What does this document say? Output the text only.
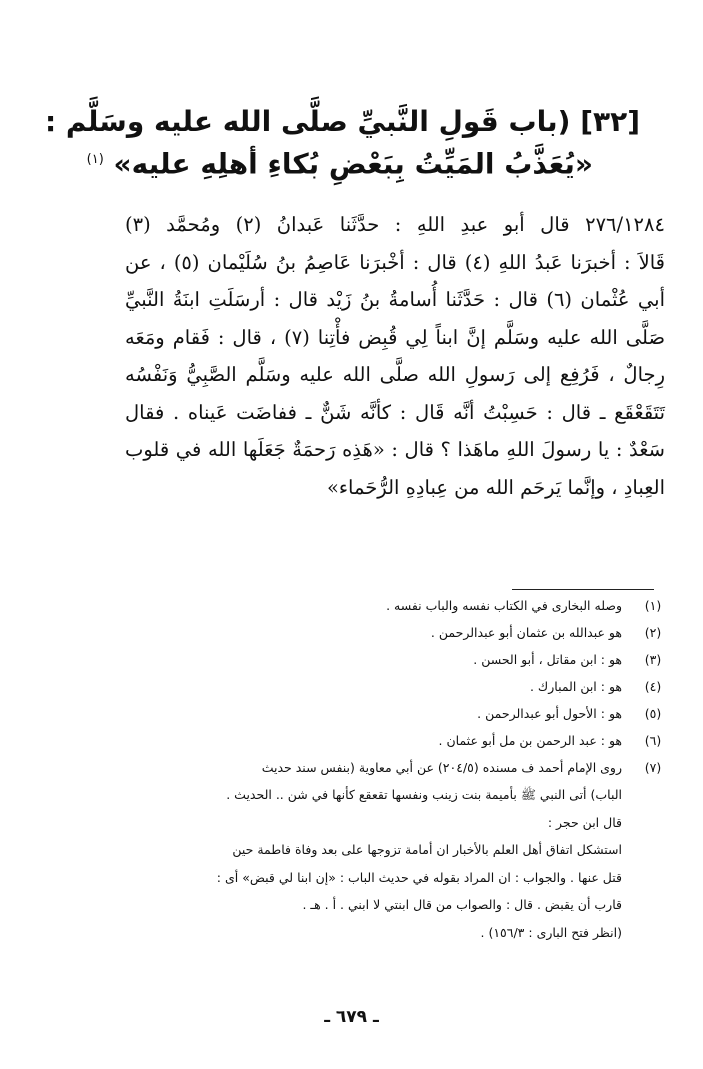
[٣٢] (باب قَولِ النَّبيِّ صلَّى الله عليه وسَلَّم :
«يُعَذَّبُ المَيِّتُ بِبَعْضِ بُكاءِ أهلِهِ عليه» $^{(١)}$
٢٧٦/١٢٨٤ قال أبو عبدِ اللهِ : حدَّثَنا عَبدانُ (٢) ومُحمَّد (٣)
قَالاَ : أخبرَنا عَبدُ اللهِ (٤) قال : أخْبرَنا عَاصِمُ بنُ سُلَيْمان (٥) ، عن
أبي عُثْمان (٦) قال : حَدَّثَنا أُسامةُ بنُ زَيْد قال : أرسَلَتِ ابنَةُ النَّبيِّ
صَلَّى الله عليه وسَلَّم إنَّ ابناً لِي قُبِض فأْتِنا (٧) ، قال : فَقام ومَعَه
رِجالٌ ، فَرُفِع إلى رَسولِ الله صلَّى الله عليه وسَلَّم الصَّبِيُّ وَنَفْسُه
تَتَقَعْقَع ـ قال : حَسِبْتُ أنَّه قَال : كأنَّه شَنٌّ ـ ففاضَت عَيناه . فقال
سَعْدٌ : يا رسولَ اللهِ ماهَذا ؟ قال : «هَذِه رَحمَةٌ جَعَلَها الله في قلوب
العِبادِ ، وإنَّما يَرحَم الله من عِبادِهِ الرُّحَماء»
(١)
وصله البخارى في الكتاب نفسه والباب نفسه .
(٢)
هو عبدالله بن عثمان أبو عبدالرحمن .
(٣)
هو : ابن مقاتل ، أبو الحسن .
(٤)
هو : ابن المبارك .
(٥)
هو : الأحول أبو عبدالرحمن .
(٦)
هو : عبد الرحمن بن مل أبو عثمان .
(٧)
روى الإمام أحمد ف مسنده (٢٠٤/٥) عن أبي معاوية (بنفس سند حديث
الباب) أتى النبي ﷺ بأميمة بنت زينب ونفسها تقعقع كأنها في شن .. الحديث .
قال ابن حجر :
استشكل اتفاق أهل العلم بالأخبار ان أمامة تزوجها على بعد وفاة فاطمة حين
قتل عنها . والجواب : ان المراد بقوله في حديث الباب : «إن ابنا لي قبض» أى :
قارب أن يقبض . قال : والصواب من قال ابنتي لا ابني . أ . هـ .
(انظر فتح البارى : ١٥٦/٣) .
ـ ٦٧٩ ـ
